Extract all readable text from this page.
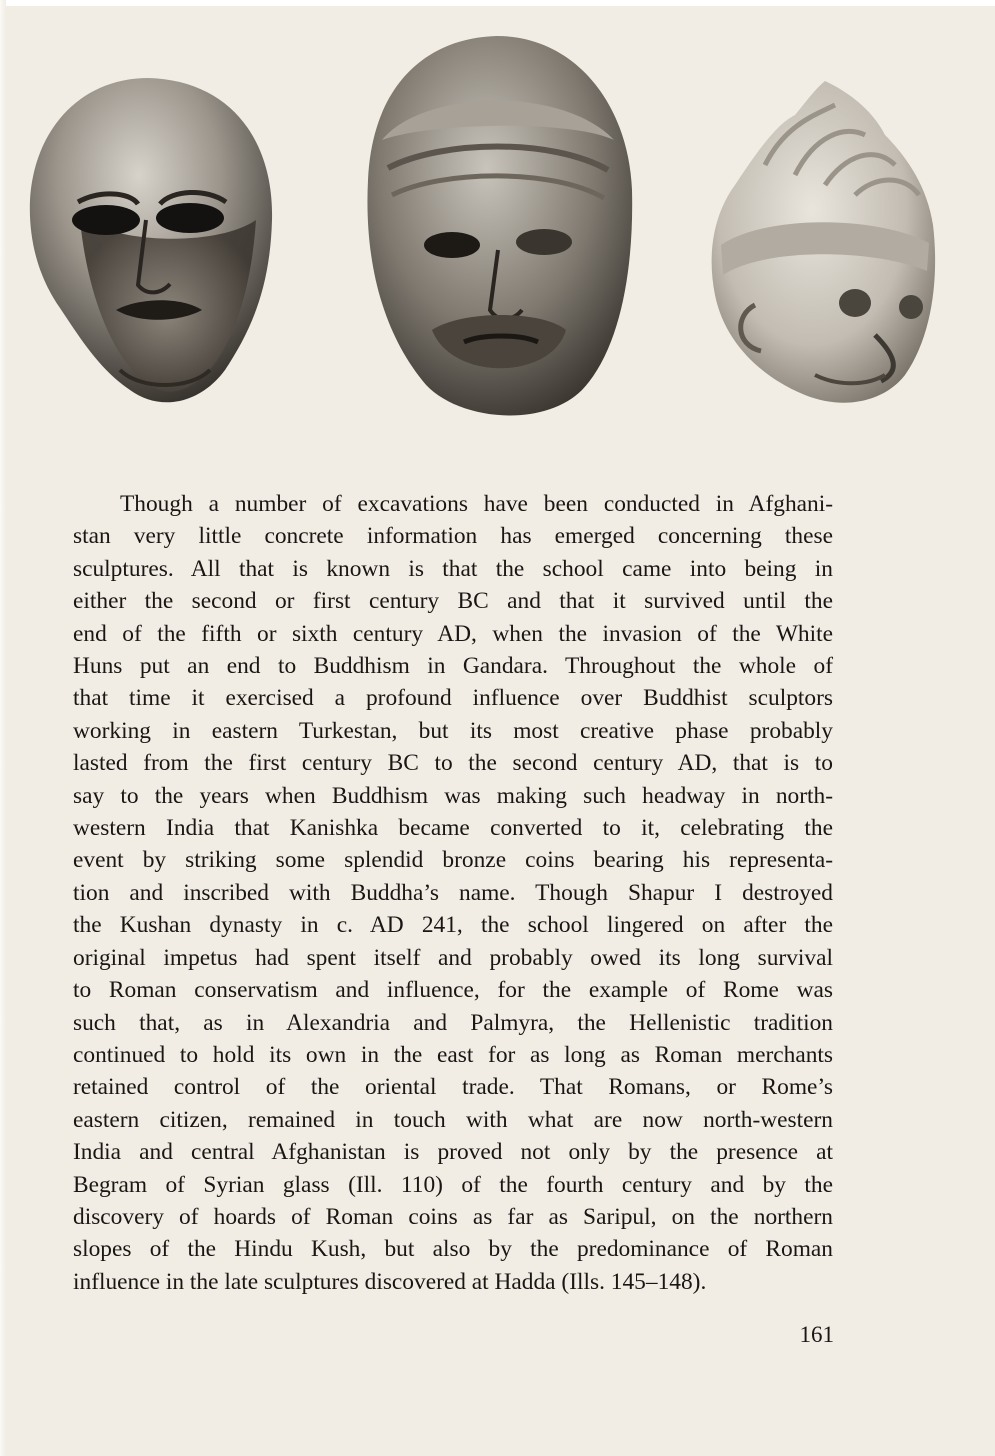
Though a number of excavations have been conducted in Afghani-
stan very little concrete information has emerged concerning these
sculptures. All that is known is that the school came into being in
either the second or first century BC and that it survived until the
end of the fifth or sixth century AD, when the invasion of the White
Huns put an end to Buddhism in Gandara. Throughout the whole of
that time it exercised a profound influence over Buddhist sculptors
working in eastern Turkestan, but its most creative phase probably
lasted from the first century BC to the second century AD, that is to
say to the years when Buddhism was making such headway in north-
western India that Kanishka became converted to it, celebrating the
event by striking some splendid bronze coins bearing his representa-
tion and inscribed with Buddha’s name. Though Shapur I destroyed
the Kushan dynasty in c. AD 241, the school lingered on after the
original impetus had spent itself and probably owed its long survival
to Roman conservatism and influence, for the example of Rome was
such that, as in Alexandria and Palmyra, the Hellenistic tradition
continued to hold its own in the east for as long as Roman merchants
retained control of the oriental trade. That Romans, or Rome’s
eastern citizen, remained in touch with what are now north-western
India and central Afghanistan is proved not only by the presence at
Begram of Syrian glass (Ill. 110) of the fourth century and by the
discovery of hoards of Roman coins as far as Saripul, on the northern
slopes of the Hindu Kush, but also by the predominance of Roman
influence in the late sculptures discovered at Hadda (Ills. 145–148).
161
